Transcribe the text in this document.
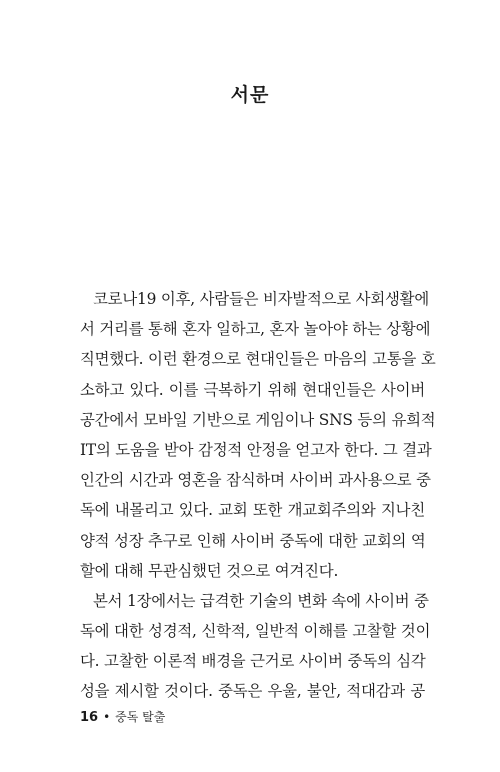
서문
코로나19 이후, 사람들은 비자발적으로 사회생활에
서 거리를 통해 혼자 일하고, 혼자 놀아야 하는 상황에
직면했다. 이런 환경으로 현대인들은 마음의 고통을 호
소하고 있다. 이를 극복하기 위해 현대인들은 사이버
공간에서 모바일 기반으로 게임이나 SNS 등의 유희적
IT의 도움을 받아 감정적 안정을 얻고자 한다. 그 결과
인간의 시간과 영혼을 잠식하며 사이버 과사용으로 중
독에 내몰리고 있다. 교회 또한 개교회주의와 지나친
양적 성장 추구로 인해 사이버 중독에 대한 교회의 역
할에 대해 무관심했던 것으로 여겨진다.
본서 1장에서는 급격한 기술의 변화 속에 사이버 중
독에 대한 성경적, 신학적, 일반적 이해를 고찰할 것이
다. 고찰한 이론적 배경을 근거로 사이버 중독의 심각
성을 제시할 것이다. 중독은 우울, 불안, 적대감과 공
16 • 중독 탈출
